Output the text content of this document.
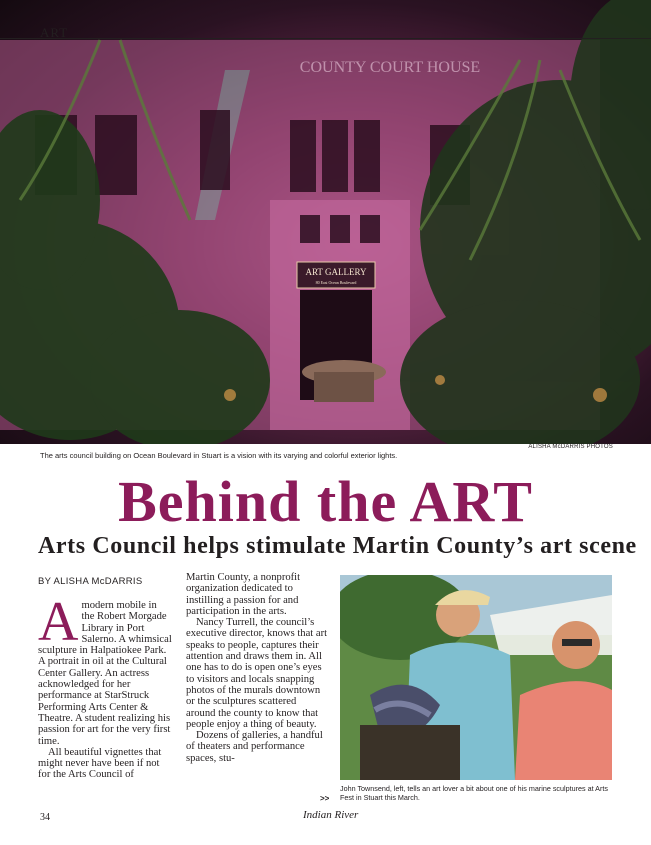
ART GALLERY
80 East Ocean Boulevard
COUNTY COURT HOUSE
ART
ALISHA McDARRIS PHOTOS
The arts council building on Ocean Boulevard in Stuart is a vision with its varying and colorful exterior lights.
Behind the ART
Arts Council helps stimulate Martin County’s art scene
BY ALISHA McDARRIS

Amodern mobile in the Robert Morgade Library in Port Salerno. A whimsical sculpture in Halpatiokee Park. A portrait in oil at the Cultural Center Gallery. An actress acknowledged for her performance at StarStruck Performing Arts Center & Theatre. A student realizing his passion for art for the very first time.

All beautiful vignettes that might never have been if not for the Arts Council of

Martin County, a nonprofit organization dedicated to instilling a passion for and participation in the arts.

Nancy Turrell, the council’s executive director, knows that art speaks to people, captures their attention and draws them in. All one has to do is open one’s eyes to visitors and locals snapping photos of the murals downtown or the sculptures scattered around the county to know that people enjoy a thing of beauty.

Dozens of galleries, a handful of theaters and performance spaces, stu-

John Townsend, left, tells an art lover a bit about one of his marine sculptures at Arts Fest in Stuart this March.
>>
34	Indian River
